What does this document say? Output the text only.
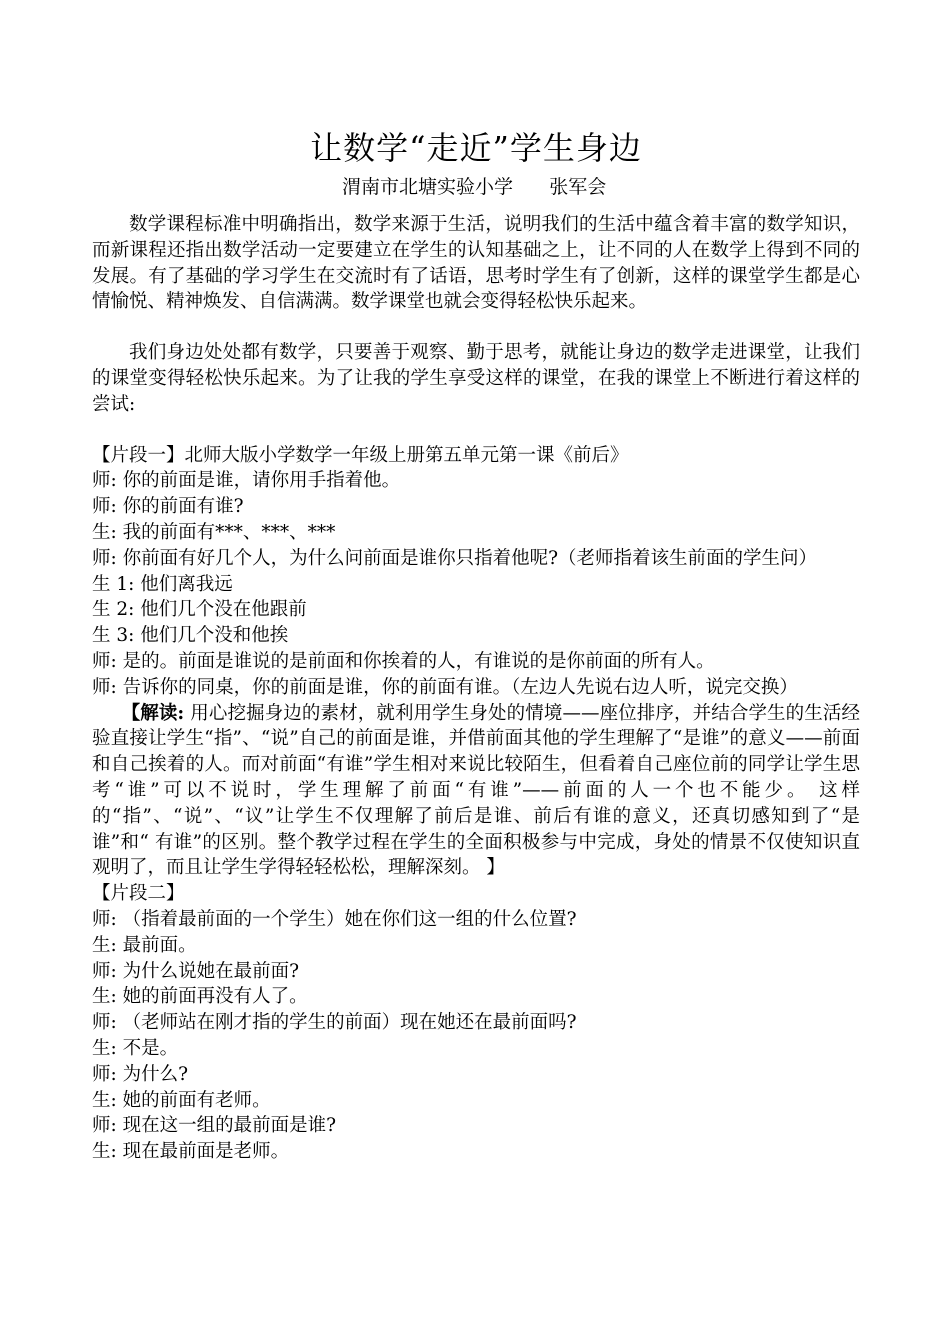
让数学“走近”学生身边
渭南市北塘实验小学      张军会

数学课程标准中明确指出，数学来源于生活，说明我们的生活中蕴含着丰富的数学知识，而新课程还指出数学活动一定要建立在学生的认知基础之上，让不同的人在数学上得到不同的发展。有了基础的学习学生在交流时有了话语，思考时学生有了创新，这样的课堂学生都是心情愉悦、精神焕发、自信满满。数学课堂也就会变得轻松快乐起来。

我们身边处处都有数学，只要善于观察、勤于思考，就能让身边的数学走进课堂，让我们的课堂变得轻松快乐起来。为了让我的学生享受这样的课堂，在我的课堂上不断进行着这样的尝试:

【片段一】北师大版小学数学一年级上册第五单元第一课《前后》

师: 你的前面是谁，请你用手指着他。

师: 你的前面有谁?

生: 我的前面有***、***、***

师: 你前面有好几个人，为什么问前面是谁你只指着他呢?（老师指着该生前面的学生问）

生 1: 他们离我远

生 2: 他们几个没在他跟前

生 3: 他们几个没和他挨

师: 是的。前面是谁说的是前面和你挨着的人，有谁说的是你前面的所有人。

师: 告诉你的同桌，你的前面是谁，你的前面有谁。（左边人先说右边人听，说完交换）

【解读: 用心挖掘身边的素材，就利用学生身处的情境——座位排序，并结合学生的生活经验直接让学生“指”、“说”自己的前面是谁，并借前面其他的学生理解了“是谁”的意义——前面和自己挨着的人。而对前面“有谁”学生相对来说比较陌生，但看着自己座位前的同学让学生思考“谁”可以不说时，学生理解了前面“有谁”——前面的人一个也不能少。 这样的“指”、“说”、“议”让学生不仅理解了前后是谁、前后有谁的意义，还真切感知到了“是谁”和“ 有谁”的区别。整个教学过程在学生的全面积极参与中完成，身处的情景不仅使知识直观明了，而且让学生学得轻轻松松，理解深刻。 】

【片段二】

师: （指着最前面的一个学生）她在你们这一组的什么位置?

生: 最前面。

师: 为什么说她在最前面?

生: 她的前面再没有人了。

师: （老师站在刚才指的学生的前面）现在她还在最前面吗?

生: 不是。

师: 为什么?

生: 她的前面有老师。

师: 现在这一组的最前面是谁?

生: 现在最前面是老师。
